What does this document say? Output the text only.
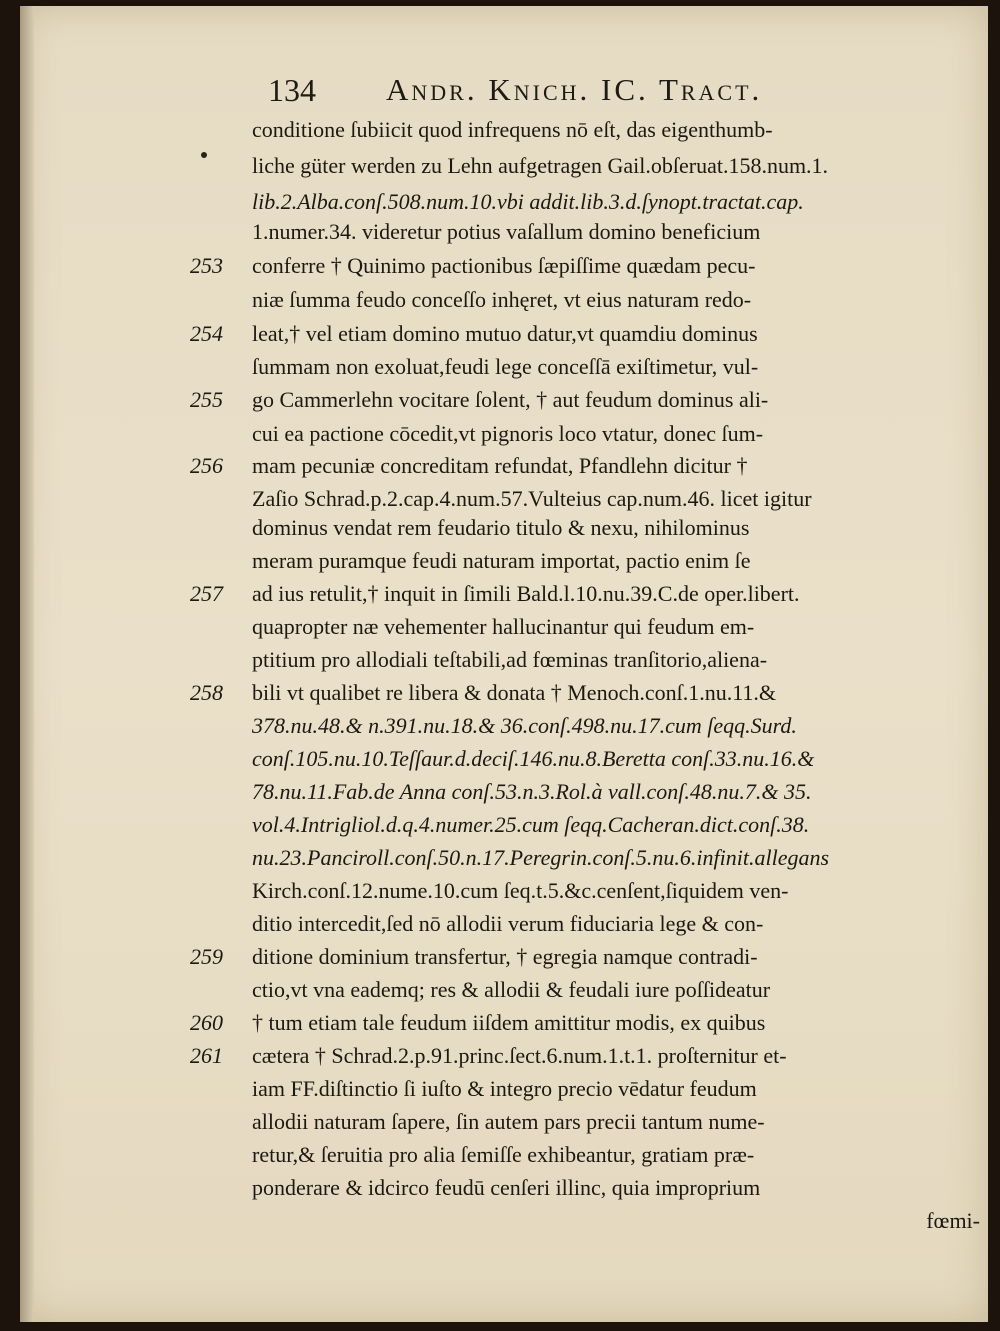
134 Andr. Knich. IC. Tract.
conditione ſubiicit quod infrequens nō eſt, das eigenthumb-
liche güter werden zu Lehn aufgetragen Gail.obſeruat.158.num.1.
lib.2.Alba.conſ.508.num.10.vbi addit.lib.3.d.ſynopt.tractat.cap.
1.numer.34. videretur potius vaſallum domino beneficium
conferre † Quinimo pactionibus ſæpiſſime quædam pecu-
niæ ſumma feudo conceſſo inhęret, vt eius naturam redo-
leat,† vel etiam domino mutuo datur,vt quamdiu dominus
ſummam non exoluat,feudi lege conceſſā exiſtimetur, vul-
go Cammerlehn vocitare ſolent, † aut feudum dominus ali-
cui ea pactione cōcedit,vt pignoris loco vtatur, donec ſum-
mam pecuniæ concreditam refundat, Pfandlehn dicitur †
Zaſio Schrad.p.2.cap.4.num.57.Vulteius cap.num.46. licet igitur
dominus vendat rem feudario titulo & nexu, nihilominus
meram puramque feudi naturam importat, pactio enim ſe
ad ius retulit,† inquit in ſimili Bald.l.10.nu.39.C.de oper.libert.
quapropter næ vehementer hallucinantur qui feudum em-
ptitium pro allodiali teſtabili,ad fœminas tranſitorio,aliena-
bili vt qualibet re libera & donata † Menoch.conſ.1.nu.11.&
378.nu.48.& n.391.nu.18.& 36.conſ.498.nu.17.cum ſeqq.Surd.
conſ.105.nu.10.Teſſaur.d.deciſ.146.nu.8.Beretta conſ.33.nu.16.&
78.nu.11.Fab.de Anna conſ.53.n.3.Rol.à vall.conſ.48.nu.7.& 35.
vol.4.Intrigliol.d.q.4.numer.25.cum ſeqq.Cacheran.dict.conſ.38.
nu.23.Panciroll.conſ.50.n.17.Peregrin.conſ.5.nu.6.infinit.allegans
Kirch.conſ.12.nume.10.cum ſeq.t.5.&c.cenſent,ſiquidem ven-
ditio intercedit,ſed nō allodii verum fiduciaria lege & con-
ditione dominium transfertur, † egregia namque contradi-
ctio,vt vna eademq; res & allodii & feudali iure poſſideatur
† tum etiam tale feudum iiſdem amittitur modis, ex quibus
cætera † Schrad.2.p.91.princ.ſect.6.num.1.t.1. proſternitur et-
iam FF.diſtinctio ſi iuſto & integro precio vēdatur feudum
allodii naturam ſapere, ſin autem pars precii tantum nume-
retur,& ſeruitia pro alia ſemiſſe exhibeantur, gratiam præ-
ponderare & idcirco feudū cenſeri illinc, quia improprium
fœmi-
253
254
255
256
257
258
259
260
261
